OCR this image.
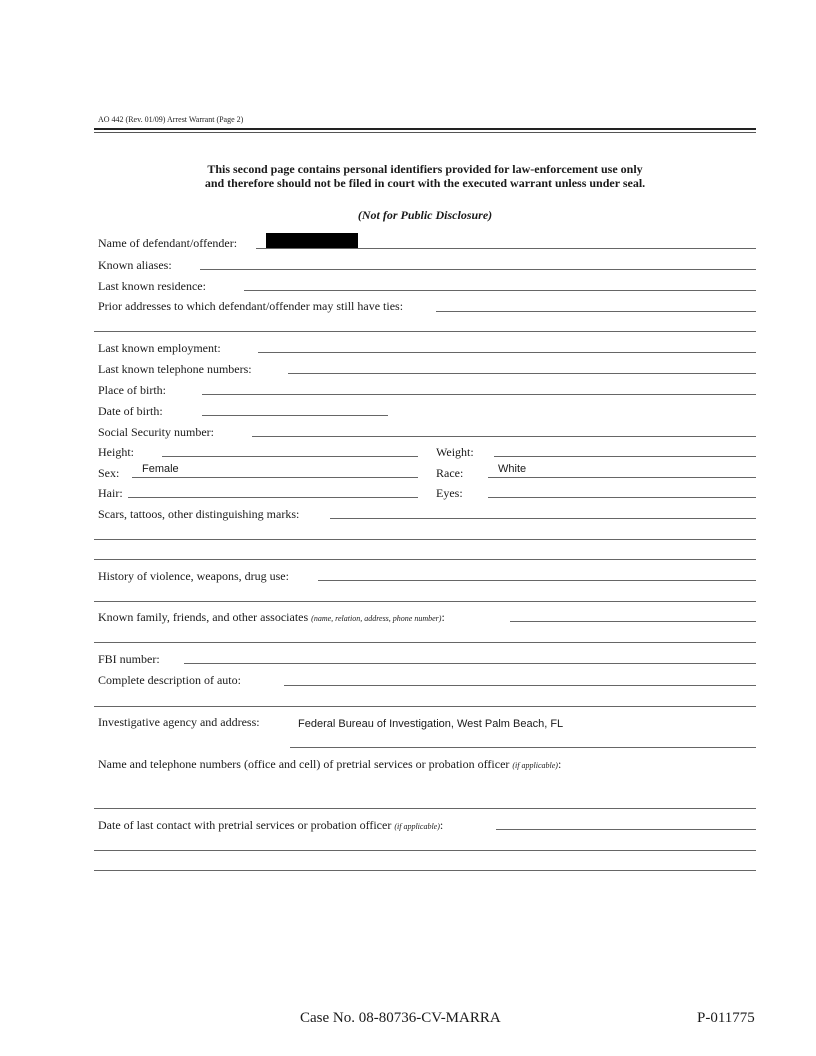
AO 442 (Rev. 01/09) Arrest Warrant (Page 2)
This second page contains personal identifiers provided for law-enforcement use only
and therefore should not be filed in court with the executed warrant unless under seal.
(Not for Public Disclosure)
Name of defendant/offender:
Known aliases:
Last known residence:
Prior addresses to which defendant/offender may still have ties:
Last known employment:
Last known telephone numbers:
Place of birth:
Date of birth:
Social Security number:
Height:	Weight:
Sex: Female	Race:	White
Hair:	Eyes:
Scars, tattoos, other distinguishing marks:
History of violence, weapons, drug use:
Known family, friends, and other associates (name, relation, address, phone number):
FBI number:
Complete description of auto:
Investigative agency and address:	Federal Bureau of Investigation, West Palm Beach, FL
Name and telephone numbers (office and cell) of pretrial services or probation officer (if applicable):
Date of last contact with pretrial services or probation officer (if applicable):
Case No. 08-80736-CV-MARRA	P-011775
